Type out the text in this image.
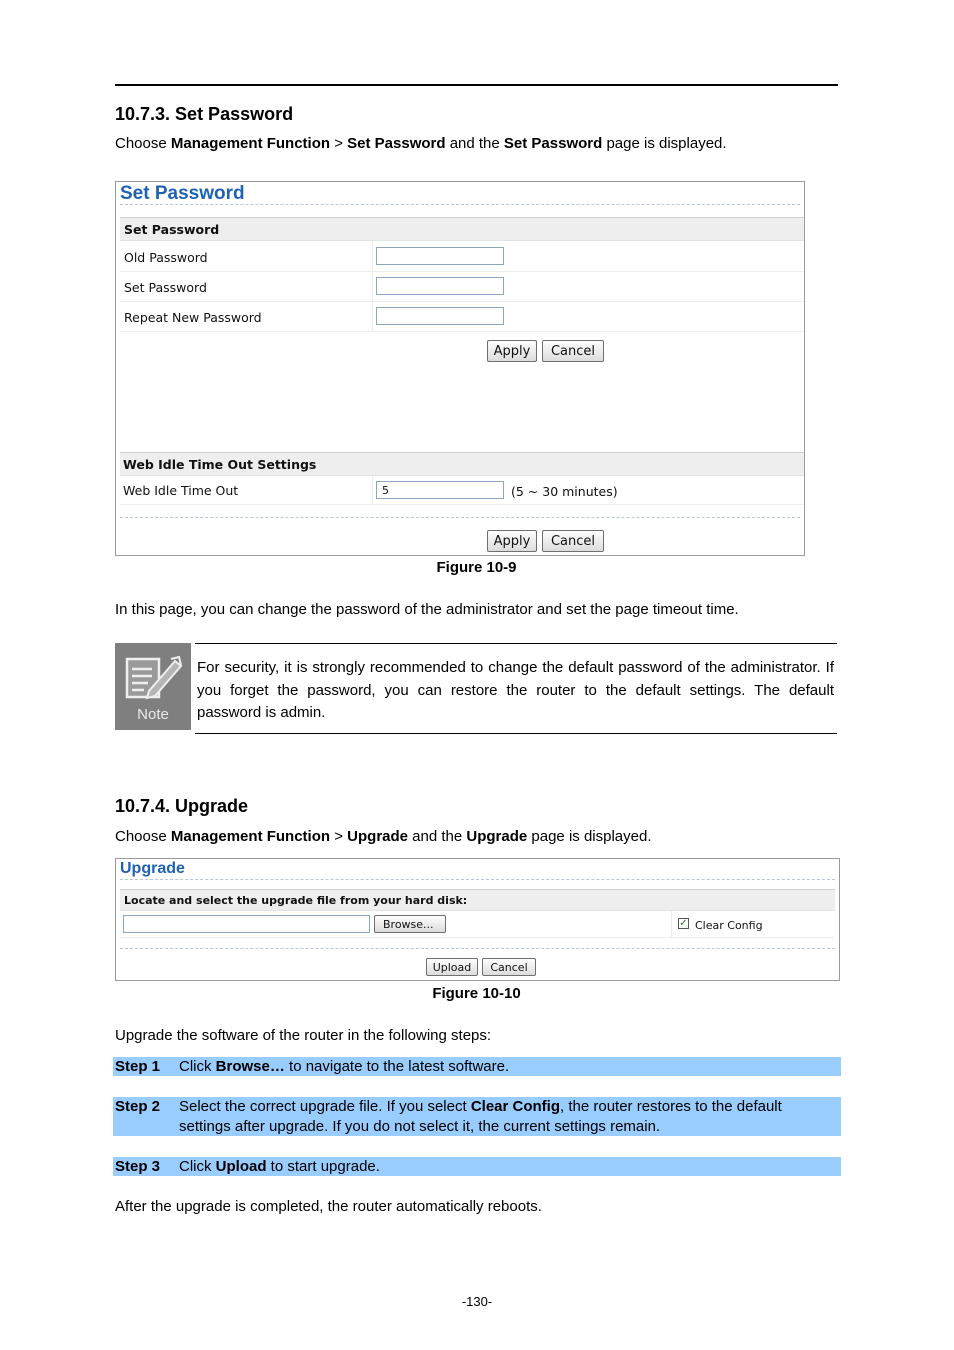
10.7.3. Set Password
Choose Management Function > Set Password and the Set Password page is displayed.
Set Password
Set Password
Old Password
Set Password
Repeat New Password
Apply	Cancel
Web Idle Time Out Settings
Web Idle Time Out	5	(5 ~ 30 minutes)
Apply	Cancel
Figure 10-9
In this page, you can change the password of the administrator and set the page timeout time.
Note
For security, it is strongly recommended to change the default password of the administrator. If you forget the password, you can restore the router to the default settings. The default password is admin.
10.7.4. Upgrade
Choose Management Function > Upgrade and the Upgrade page is displayed.
Upgrade
Locate and select the upgrade file from your hard disk:
Browse...	✓ Clear Config
Upload	Cancel
Figure 10-10
Upgrade the software of the router in the following steps:
Step 1 Click Browse… to navigate to the latest software.
Step 2 Select the correct upgrade file. If you select Clear Config, the router restores to the default settings after upgrade. If you do not select it, the current settings remain.
Step 3 Click Upload to start upgrade.
After the upgrade is completed, the router automatically reboots.
-130-
